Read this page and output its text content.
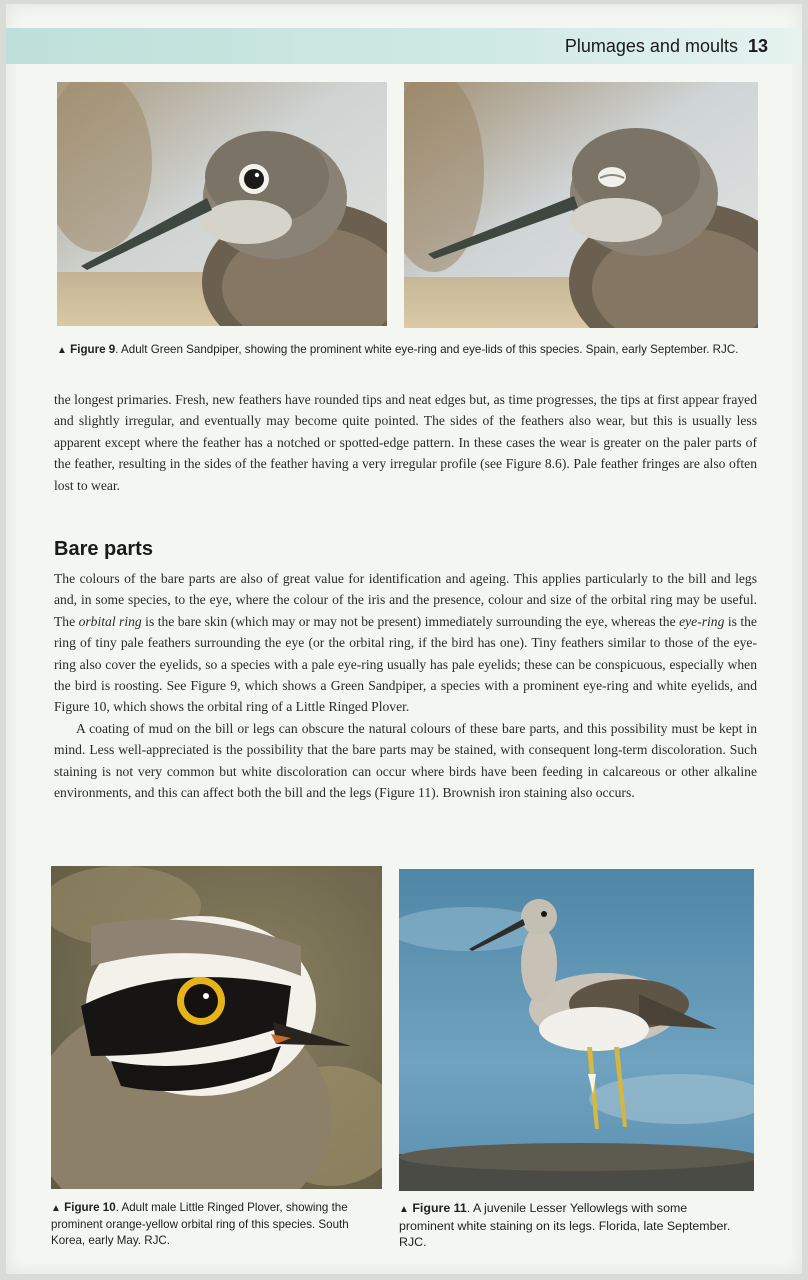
Plumages and moults 13
▲ Figure 9. Adult Green Sandpiper, showing the prominent white eye-ring and eye-lids of this species. Spain, early September. RJC.

the longest primaries. Fresh, new feathers have rounded tips and neat edges but, as time progresses, the tips at first appear frayed and slightly irregular, and eventually may become quite pointed. The sides of the feathers also wear, but this is usually less apparent except where the feather has a notched or spotted-edge pattern. In these cases the wear is greater on the paler parts of the feather, resulting in the sides of the feather having a very irregular profile (see Figure 8.6). Pale feather fringes are also often lost to wear.

Bare parts

The colours of the bare parts are also of great value for identification and ageing. This applies particularly to the bill and legs and, in some species, to the eye, where the colour of the iris and the presence, colour and size of the orbital ring may be useful. The orbital ring is the bare skin (which may or may not be present) immediately surrounding the eye, whereas the eye-ring is the ring of tiny pale feathers surrounding the eye (or the orbital ring, if the bird has one). Tiny feathers similar to those of the eye-ring also cover the eyelids, so a species with a pale eye-ring usually has pale eyelids; these can be conspicuous, especially when the bird is roosting. See Figure 9, which shows a Green Sandpiper, a species with a prominent eye-ring and white eyelids, and Figure 10, which shows the orbital ring of a Little Ringed Plover.

A coating of mud on the bill or legs can obscure the natural colours of these bare parts, and this possibility must be kept in mind. Less well-appreciated is the possibility that the bare parts may be stained, with consequent long-term discoloration. Such staining is not very common but white discoloration can occur where birds have been feeding in calcareous or other alkaline environments, and this can affect both the bill and the legs (Figure 11). Brownish iron staining also occurs.

▲ Figure 10. Adult male Little Ringed Plover, showing the prominent orange-yellow orbital ring of this species. South Korea, early May. RJC.
▲ Figure 11. A juvenile Lesser Yellowlegs with some prominent white staining on its legs. Florida, late September. RJC.
